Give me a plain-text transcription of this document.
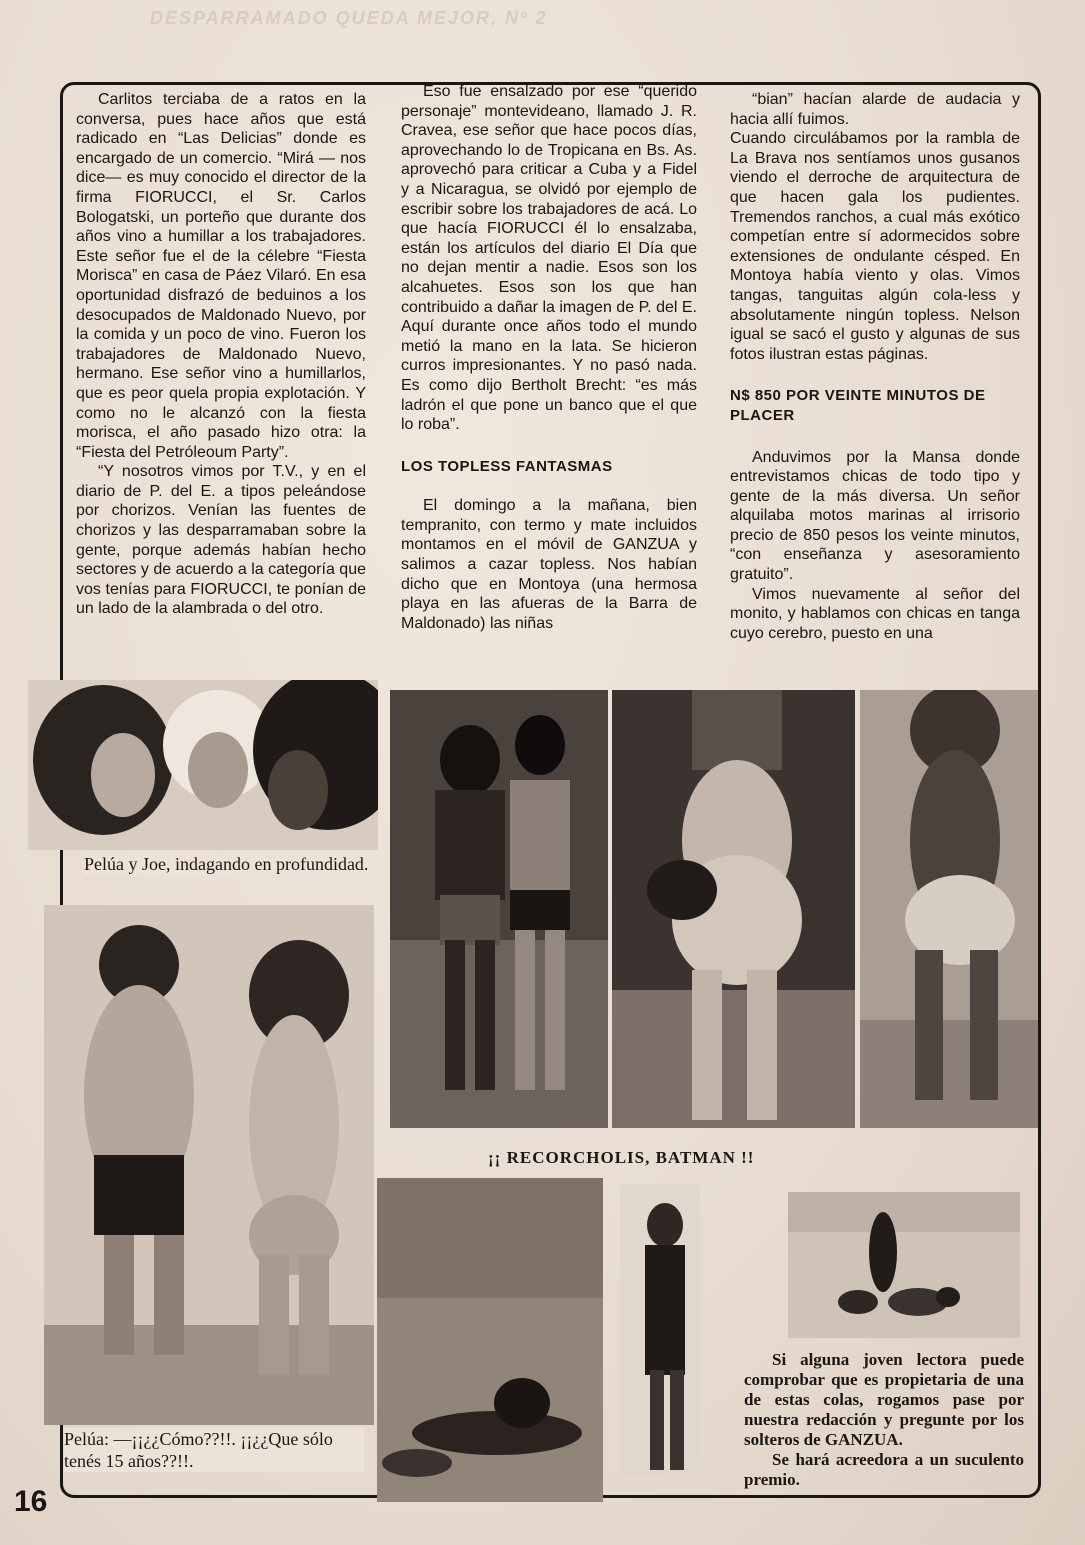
DESPARRAMADO QUEDA MEJOR, Nº 2

Carlitos terciaba de a ratos en la conversa, pues hace años que está radicado en “Las Delicias” donde es encargado de un comercio. “Mirá — nos dice— es muy conocido el director de la firma FIORUCCI, el Sr. Carlos Bologatski, un porteño que durante dos años vino a humillar a los trabajadores. Este señor fue el de la célebre “Fiesta Morisca” en casa de Páez Vilaró. En esa oportunidad disfrazó de beduinos a los desocupados de Maldonado Nuevo, por la comida y un poco de vino. Fueron los trabajadores de Maldonado Nuevo, hermano. Ese señor vino a humillarlos, que es peor quela propia explotación. Y como no le alcanzó con la fiesta morisca, el año pasado hizo otra: la “Fiesta del Petróleoum Party”.

“Y nosotros vimos por T.V., y en el diario de P. del E. a tipos peleándose por chorizos. Venían las fuentes de chorizos y las desparramaban sobre la gente, porque además habían hecho sectores y de acuerdo a la categoría que vos tenías para FIORUCCI, te ponían de un lado de la alambrada o del otro.

Eso fue ensalzado por ese “querido personaje” montevideano, llamado J. R. Cravea, ese señor que hace pocos días, aprovechando lo de Tropicana en Bs. As. aprovechó para criticar a Cuba y a Fidel y a Nicaragua, se olvidó por ejemplo de escribir sobre los trabajadores de acá. Lo que hacía FIORUCCI él lo ensalzaba, están los artículos del diario El Día que no dejan mentir a nadie. Esos son los alcahuetes. Esos son los que han contribuido a dañar la imagen de P. del E. Aquí durante once años todo el mundo metió la mano en la lata. Se hicieron curros impresionantes. Y no pasó nada. Es como dijo Bertholt Brecht: “es más ladrón el que pone un banco que el que lo roba”.

LOS TOPLESS FANTASMAS

El domingo a la mañana, bien tempranito, con termo y mate incluidos montamos en el móvil de GANZUA y salimos a cazar topless. Nos habían dicho que en Montoya (una hermosa playa en las afueras de la Barra de Maldonado) las niñas

“bian” hacían alarde de audacia y hacia allí fuimos.

Cuando circulábamos por la rambla de La Brava nos sentíamos unos gusanos viendo el derroche de arquitectura de que hacen gala los pudientes. Tremendos ranchos, a cual más exótico competían entre sí adormecidos sobre extensiones de ondulante césped. En Montoya había viento y olas. Vimos tangas, tanguitas algún cola-less y absolutamente ningún topless. Nelson igual se sacó el gusto y algunas de sus fotos ilustran estas páginas.

N$ 850 POR VEINTE MINUTOS DE PLACER

Anduvimos por la Mansa donde entrevistamos chicas de todo tipo y gente de la más diversa. Un señor alquilaba motos marinas al irrisorio precio de 850 pesos los veinte minutos, “con enseñanza y asesoramiento gratuito”.

Vimos nuevamente al señor del monito, y hablamos con chicas en tanga cuyo cerebro, puesto en una

Pelúa y Joe, indagando en profundidad.
Pelúa: —¡¡¿¿Cómo??!!. ¡¡¿¿Que sólo tenés 15 años??!!.
¡¡ RECORCHOLIS, BATMAN !!
Si alguna joven lectora puede comprobar que es propietaria de una de estas colas, rogamos pase por nuestra redacción y pregunte por los solteros de GANZUA.
Se hará acreedora a un suculento premio.
16
